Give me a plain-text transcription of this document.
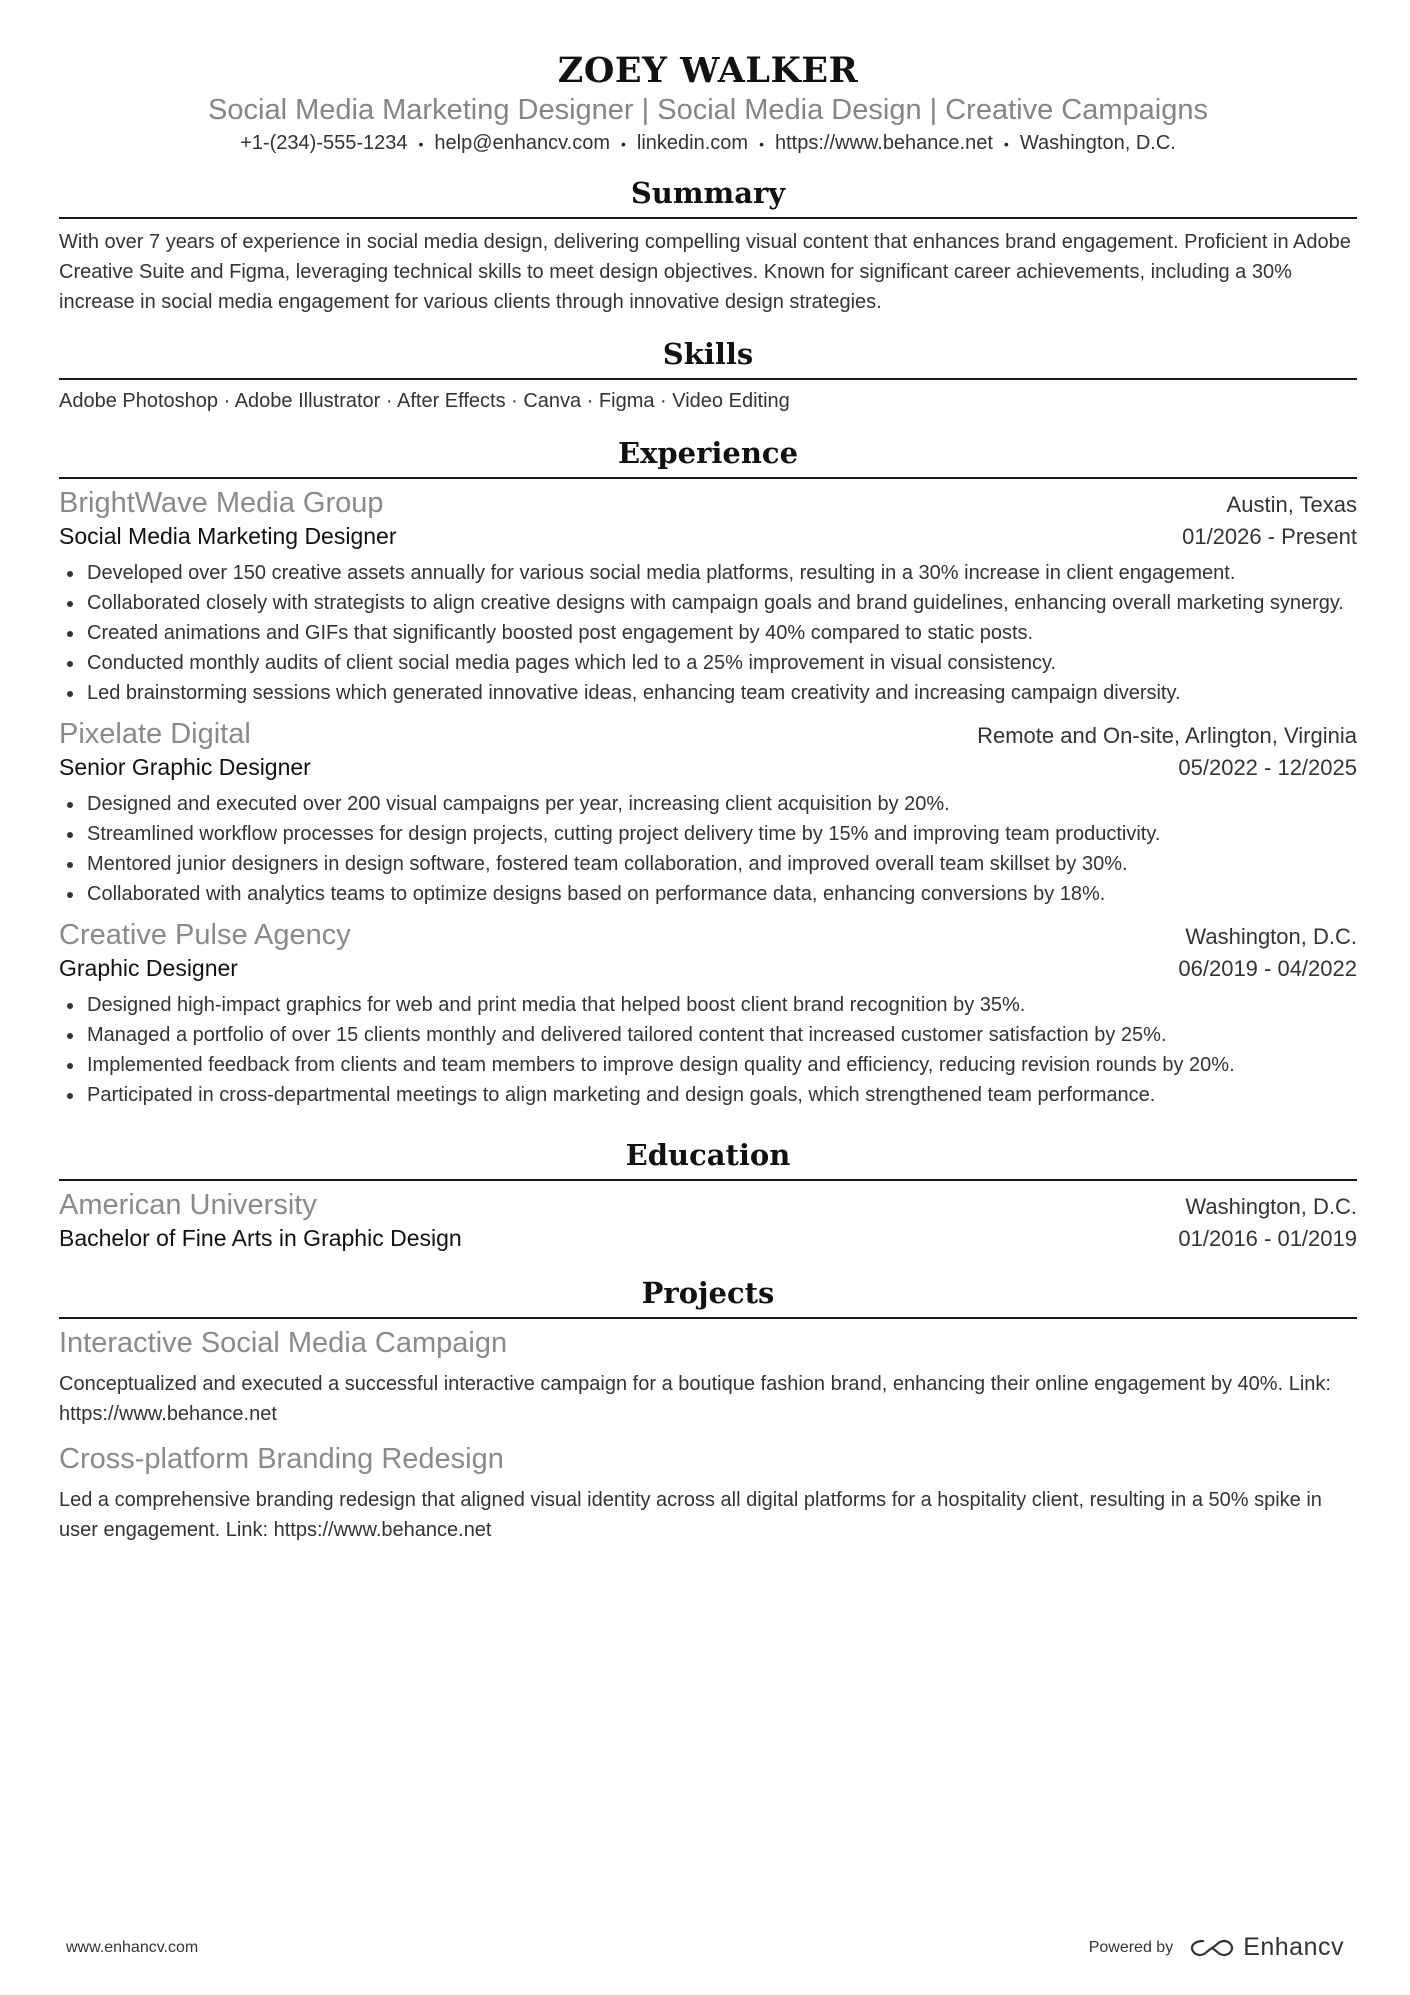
ZOEY WALKER
Social Media Marketing Designer | Social Media Design | Creative Campaigns
+1-(234)-555-1234 • help@enhancv.com • linkedin.com • https://www.behance.net • Washington, D.C.
Summary
With over 7 years of experience in social media design, delivering compelling visual content that enhances brand engagement. Proficient in Adobe Creative Suite and Figma, leveraging technical skills to meet design objectives. Known for significant career achievements, including a 30% increase in social media engagement for various clients through innovative design strategies.
Skills
Adobe Photoshop · Adobe Illustrator · After Effects · Canva · Figma · Video Editing
Experience
BrightWave Media Group	Austin, Texas
Social Media Marketing Designer	01/2026 - Present
Developed over 150 creative assets annually for various social media platforms, resulting in a 30% increase in client engagement.
Collaborated closely with strategists to align creative designs with campaign goals and brand guidelines, enhancing overall marketing synergy.
Created animations and GIFs that significantly boosted post engagement by 40% compared to static posts.
Conducted monthly audits of client social media pages which led to a 25% improvement in visual consistency.
Led brainstorming sessions which generated innovative ideas, enhancing team creativity and increasing campaign diversity.
Pixelate Digital	Remote and On-site, Arlington, Virginia
Senior Graphic Designer	05/2022 - 12/2025
Designed and executed over 200 visual campaigns per year, increasing client acquisition by 20%.
Streamlined workflow processes for design projects, cutting project delivery time by 15% and improving team productivity.
Mentored junior designers in design software, fostered team collaboration, and improved overall team skillset by 30%.
Collaborated with analytics teams to optimize designs based on performance data, enhancing conversions by 18%.
Creative Pulse Agency	Washington, D.C.
Graphic Designer	06/2019 - 04/2022
Designed high-impact graphics for web and print media that helped boost client brand recognition by 35%.
Managed a portfolio of over 15 clients monthly and delivered tailored content that increased customer satisfaction by 25%.
Implemented feedback from clients and team members to improve design quality and efficiency, reducing revision rounds by 20%.
Participated in cross-departmental meetings to align marketing and design goals, which strengthened team performance.
Education
American University	Washington, D.C.
Bachelor of Fine Arts in Graphic Design	01/2016 - 01/2019
Projects
Interactive Social Media Campaign
Conceptualized and executed a successful interactive campaign for a boutique fashion brand, enhancing their online engagement by 40%. Link: https://www.behance.net
Cross-platform Branding Redesign
Led a comprehensive branding redesign that aligned visual identity across all digital platforms for a hospitality client, resulting in a 50% spike in user engagement. Link: https://www.behance.net
www.enhancv.com	Powered by	Enhancv
